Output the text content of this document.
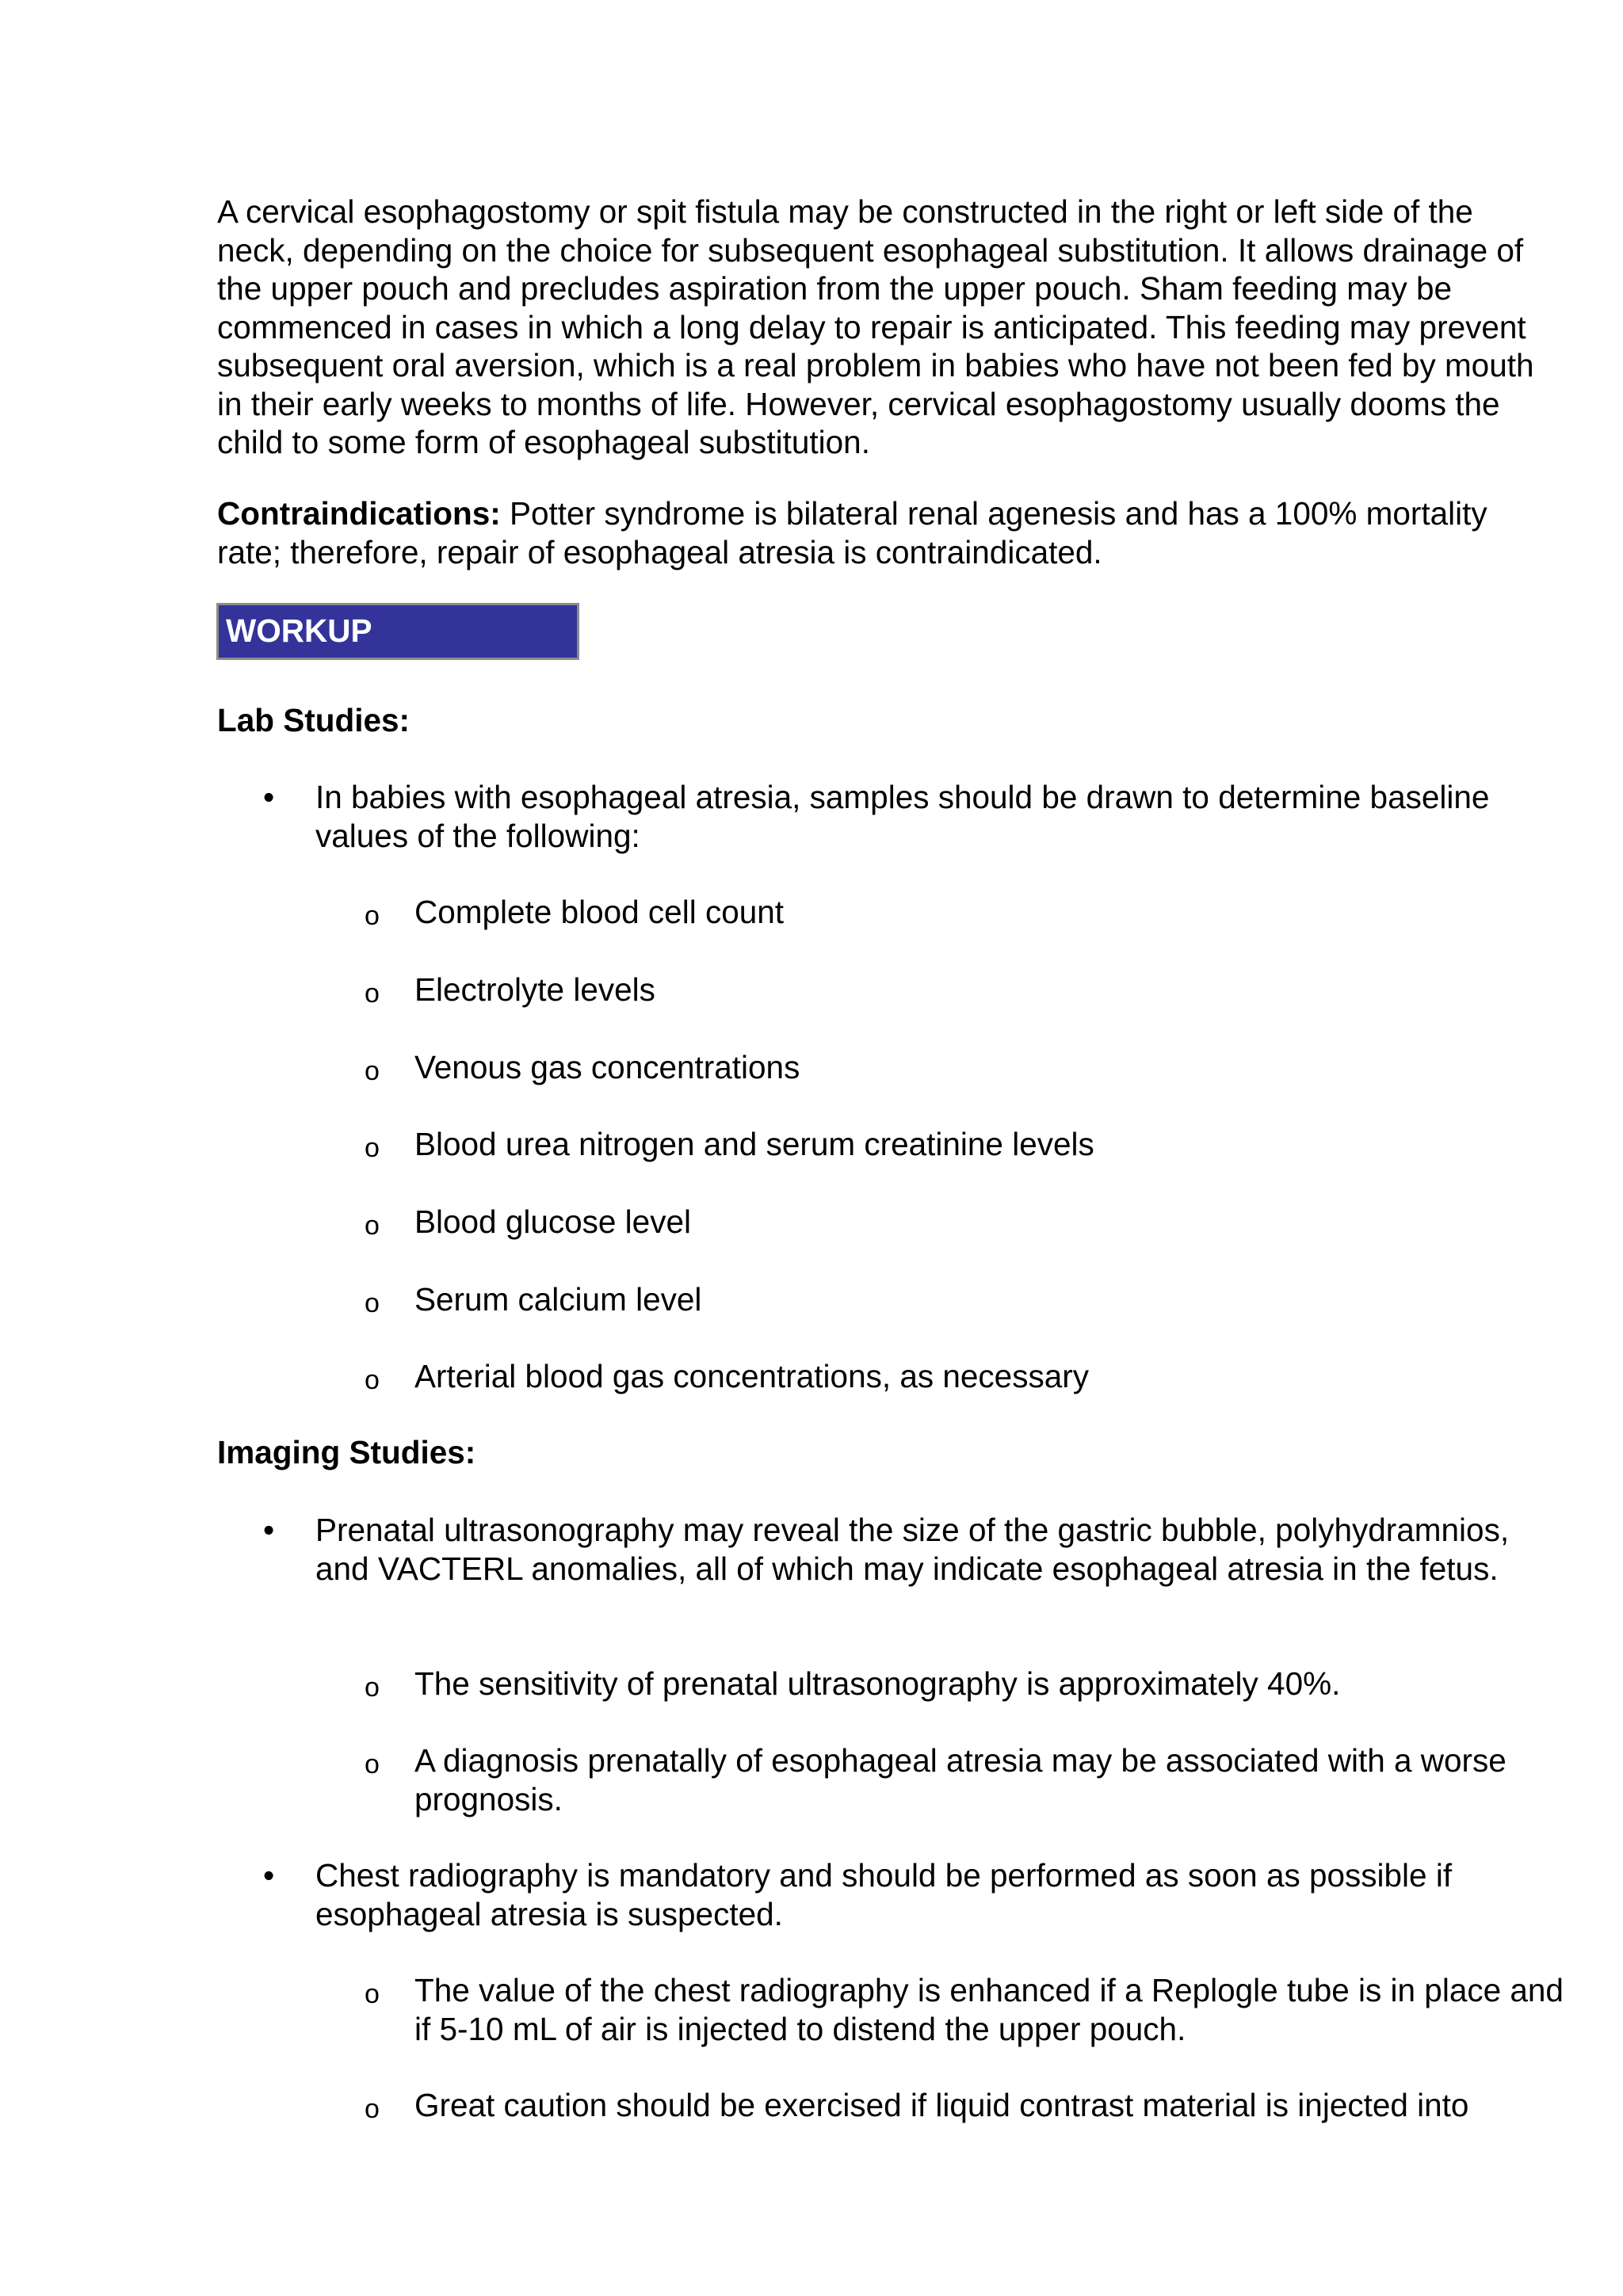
A cervical esophagostomy or spit fistula may be constructed in the right or left side of the neck, depending on the choice for subsequent esophageal substitution. It allows drainage of the upper pouch and precludes aspiration from the upper pouch. Sham feeding may be commenced in cases in which a long delay to repair is anticipated. This feeding may prevent subsequent oral aversion, which is a real problem in babies who have not been fed by mouth in their early weeks to months of life. However, cervical esophagostomy usually dooms the child to some form of esophageal substitution.

Contraindications: Potter syndrome is bilateral renal agenesis and has a 100% mortality rate; therefore, repair of esophageal atresia is contraindicated.

WORKUP

Lab Studies:

• In babies with esophageal atresia, samples should be drawn to determine baseline values of the following:
o Complete blood cell count
o Electrolyte levels
o Venous gas concentrations
o Blood urea nitrogen and serum creatinine levels
o Blood glucose level
o Serum calcium level
o Arterial blood gas concentrations, as necessary

Imaging Studies:

• Prenatal ultrasonography may reveal the size of the gastric bubble, polyhydramnios, and VACTERL anomalies, all of which may indicate esophageal atresia in the fetus.
o The sensitivity of prenatal ultrasonography is approximately 40%.
o A diagnosis prenatally of esophageal atresia may be associated with a worse prognosis.
• Chest radiography is mandatory and should be performed as soon as possible if esophageal atresia is suspected.
o The value of the chest radiography is enhanced if a Replogle tube is in place and if 5-10 mL of air is injected to distend the upper pouch.
o Great caution should be exercised if liquid contrast material is injected into
